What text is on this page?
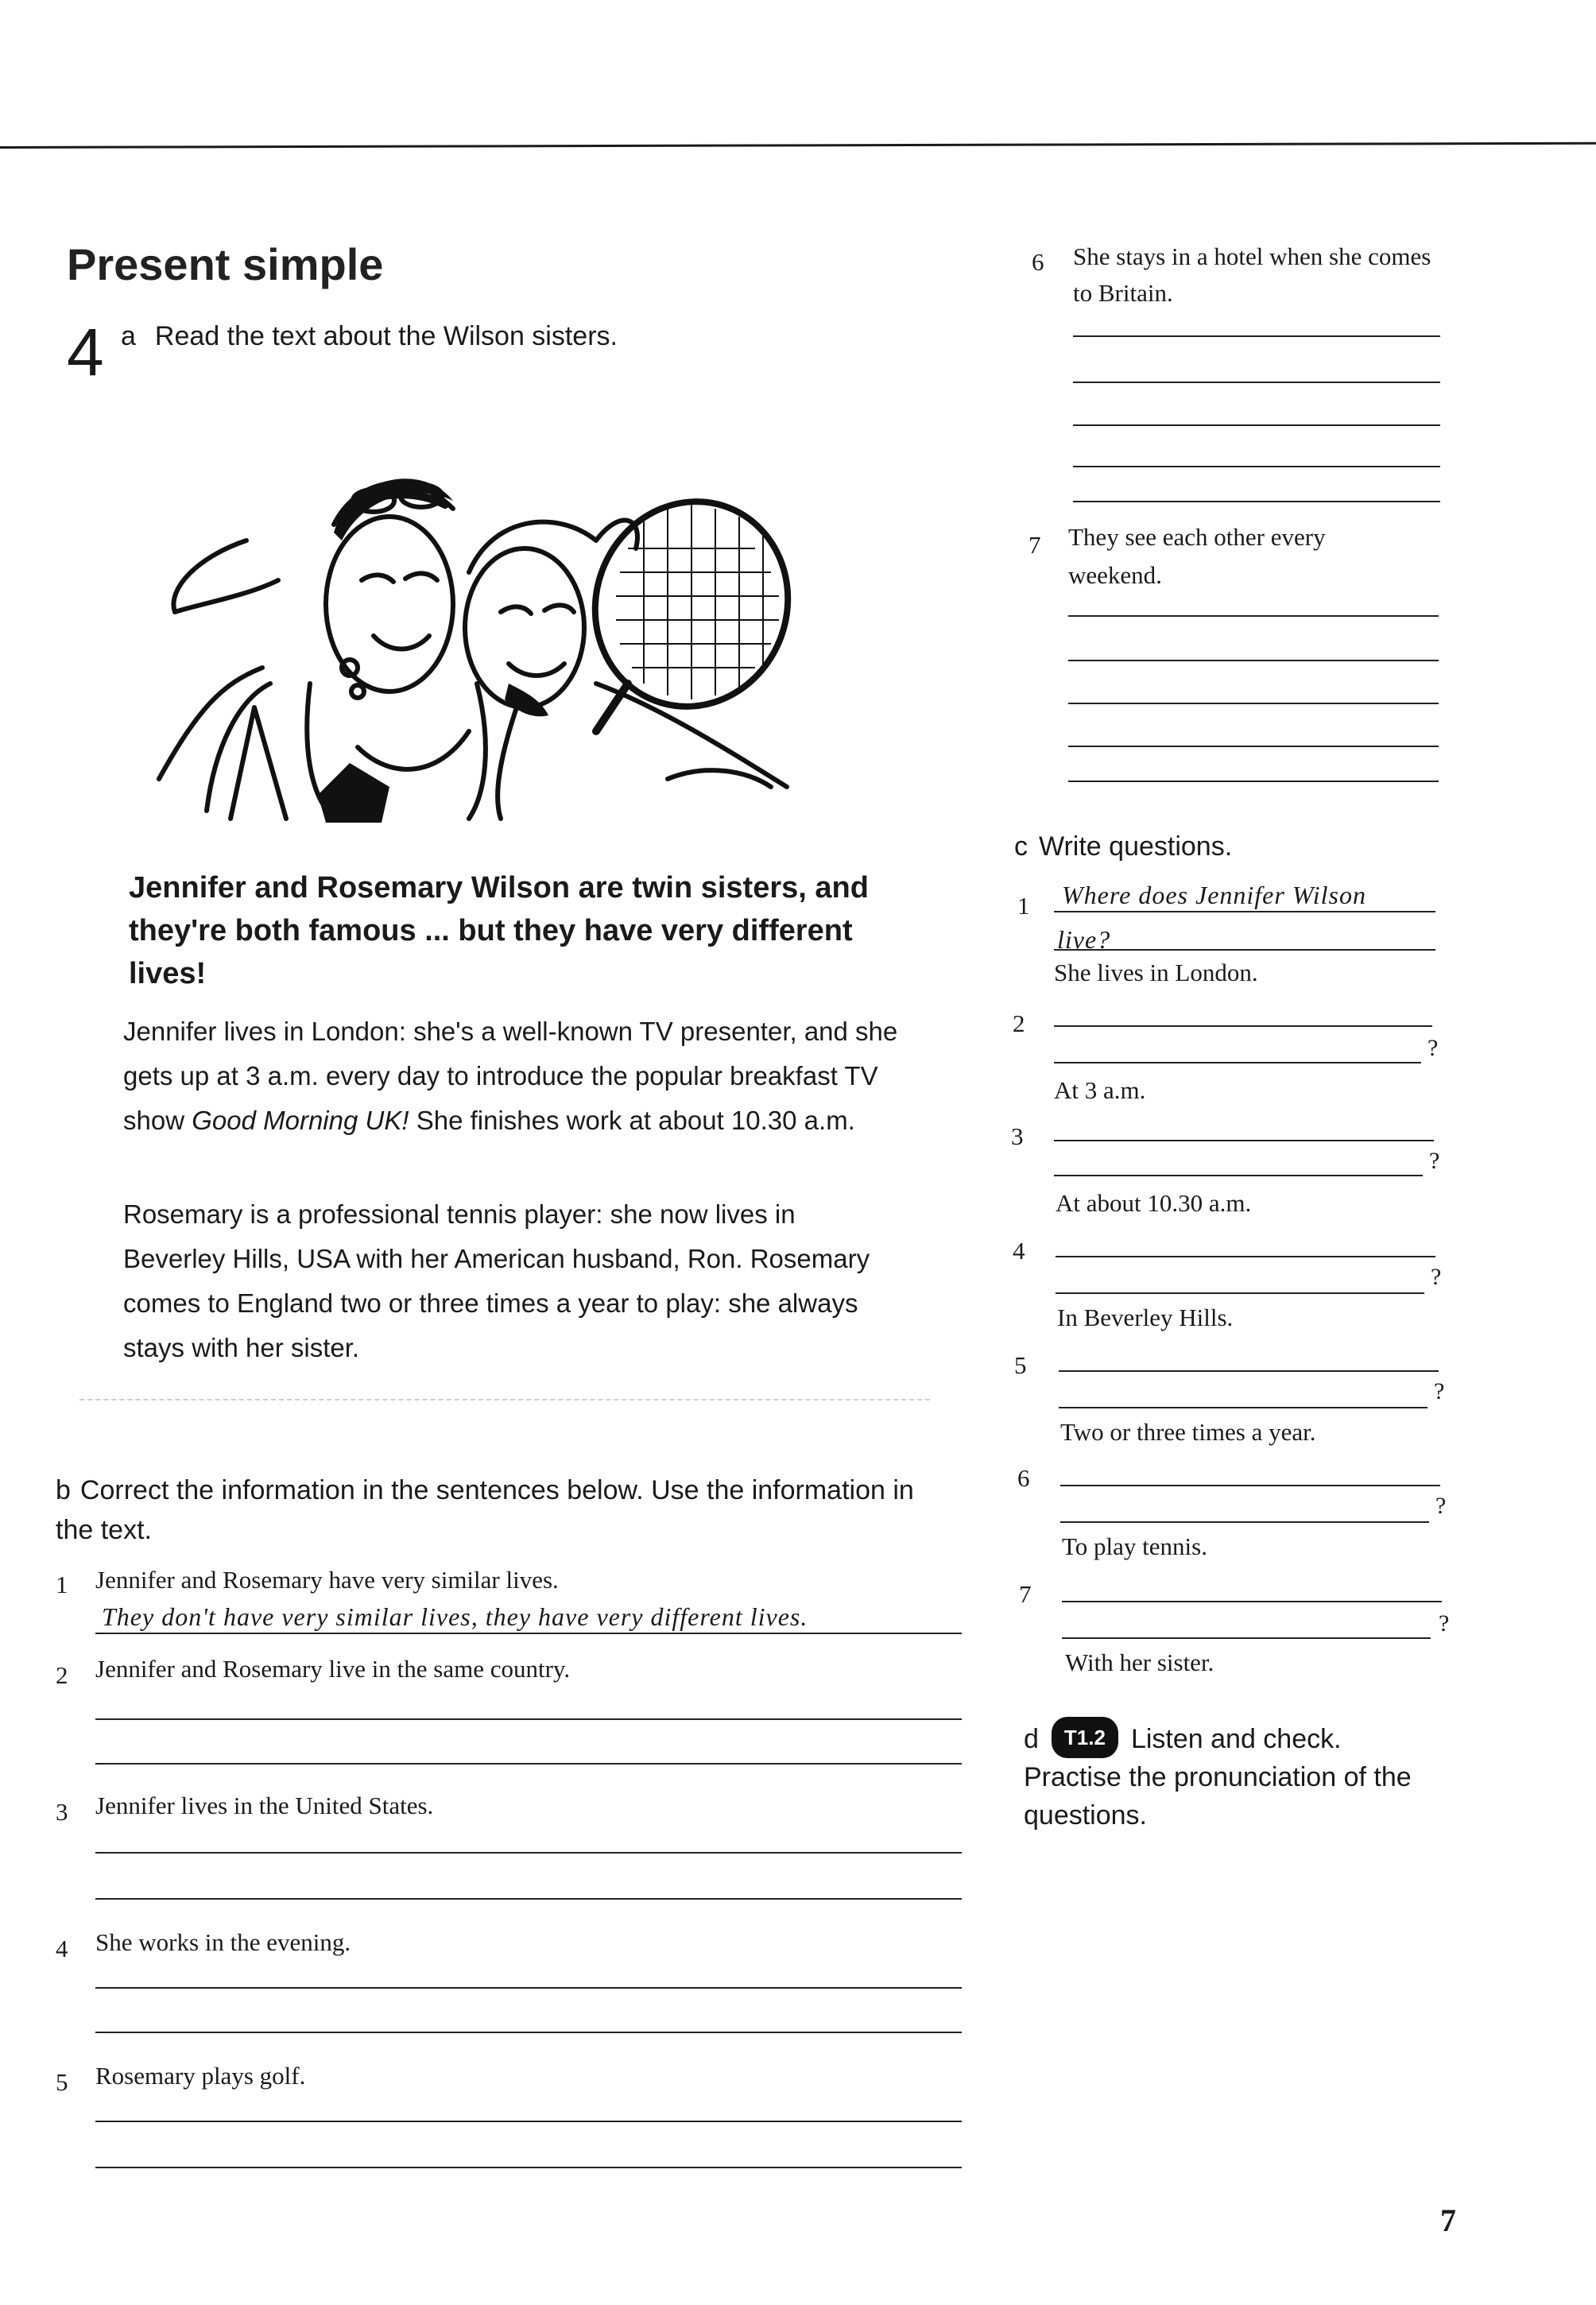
Present simple
4 a Read the text about the Wilson sisters.
Jennifer and Rosemary Wilson are twin sisters, and they're both famous ... but they have very different lives!
Jennifer lives in London: she's a well-known TV presenter, and she gets up at 3 a.m. every day to introduce the popular breakfast TV show Good Morning UK! She finishes work at about 10.30 a.m.
Rosemary is a professional tennis player: she now lives in Beverley Hills, USA with her American husband, Ron. Rosemary comes to England two or three times a year to play: she always stays with her sister.
b Correct the information in the sentences below. Use the information in the text.
1 Jennifer and Rosemary have very similar lives.
They don't have very similar lives, they have very different lives.
2 Jennifer and Rosemary live in the same country.
3 Jennifer lives in the United States.
4 She works in the evening.
5 Rosemary plays golf.
6 She stays in a hotel when she comes to Britain.
7 They see each other every weekend.
c Write questions.
1 Where does Jennifer Wilson
live?
She lives in London.
2
?
At 3 a.m.
3
?
At about 10.30 a.m.
4
?
In Beverley Hills.
5
?
Two or three times a year.
6
?
To play tennis.
7
?
With her sister.
d T1.2 Listen and check.
Practise the pronunciation of the questions.
7
